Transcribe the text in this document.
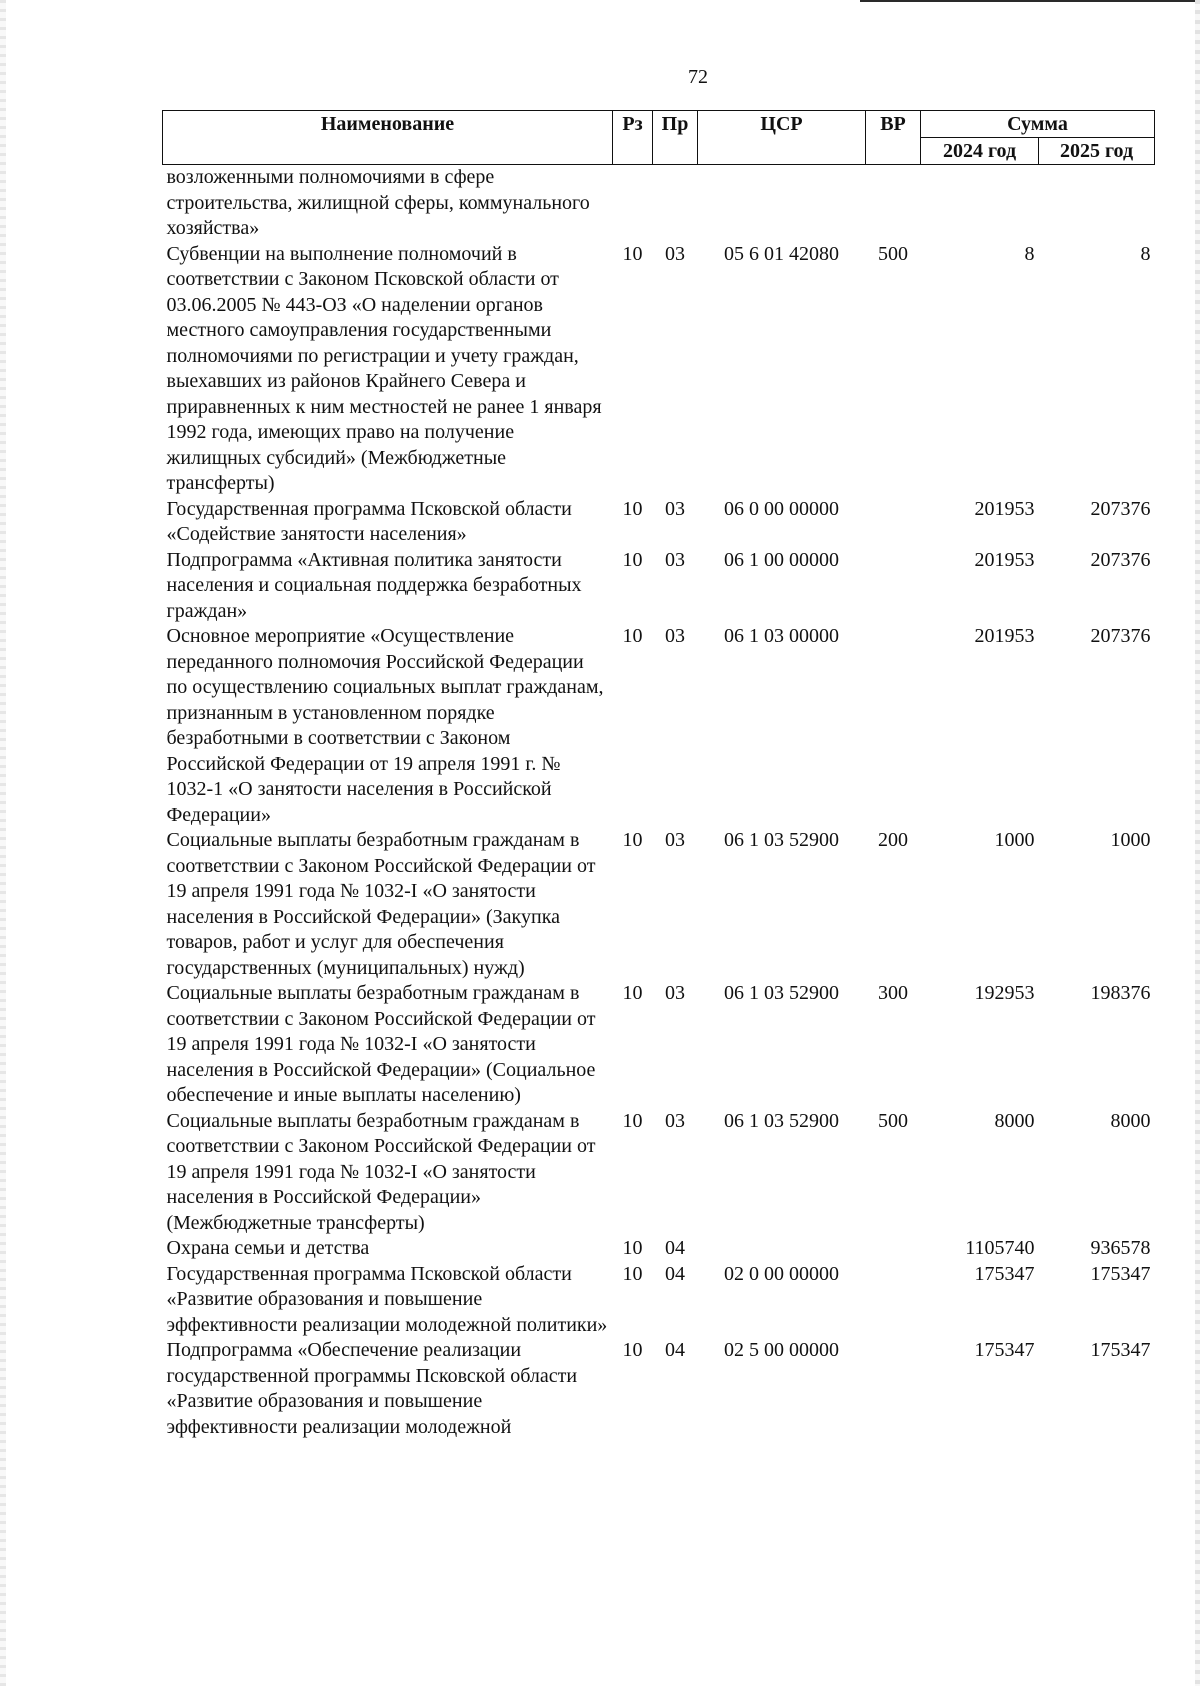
72
Наименование	Рз	Пр	ЦСР	ВР	Сумма	
					2024 год	2025 год
возложенными полномочиями в сфере строительства, жилищной сферы, коммунального хозяйства»						
Субвенции на выполнение полномочий в соответствии с Законом Псковской области от 03.06.2005 № 443-ОЗ «О наделении органов местного самоуправления государственными полномочиями по регистрации и учету граждан, выехавших из районов Крайнего Севера и приравненных к ним местностей не ранее 1 января 1992 года, имеющих право на получение жилищных субсидий» (Межбюджетные трансферты)	10	03	05 6 01 42080	500	8	8
Государственная программа Псковской области «Содействие занятости населения»	10	03	06 0 00 00000		201953	207376
Подпрограмма «Активная политика занятости населения и социальная поддержка безработных граждан»	10	03	06 1 00 00000		201953	207376
Основное мероприятие «Осуществление переданного полномочия Российской Федерации по осуществлению социальных выплат гражданам, признанным в установленном порядке безработными в соответствии с Законом Российской Федерации от 19 апреля 1991 г. № 1032-1 «О занятости населения в Российской Федерации»	10	03	06 1 03 00000		201953	207376
Социальные выплаты безработным гражданам в соответствии с Законом Российской Федерации от 19 апреля 1991 года № 1032-I «О занятости населения в Российской Федерации» (Закупка товаров, работ и услуг для обеспечения государственных (муниципальных) нужд)	10	03	06 1 03 52900	200	1000	1000
Социальные выплаты безработным гражданам в соответствии с Законом Российской Федерации от 19 апреля 1991 года № 1032-I «О занятости населения в Российской Федерации» (Социальное обеспечение и иные выплаты населению)	10	03	06 1 03 52900	300	192953	198376
Социальные выплаты безработным гражданам в соответствии с Законом Российской Федерации от 19 апреля 1991 года № 1032-I «О занятости населения в Российской Федерации» (Межбюджетные трансферты)	10	03	06 1 03 52900	500	8000	8000
Охрана семьи и детства	10	04			1105740	936578
Государственная программа Псковской области «Развитие образования и повышение эффективности реализации молодежной политики»	10	04	02 0 00 00000		175347	175347
Подпрограмма «Обеспечение реализации государственной программы Псковской области «Развитие образования и повышение эффективности реализации молодежной	10	04	02 5 00 00000		175347	175347
